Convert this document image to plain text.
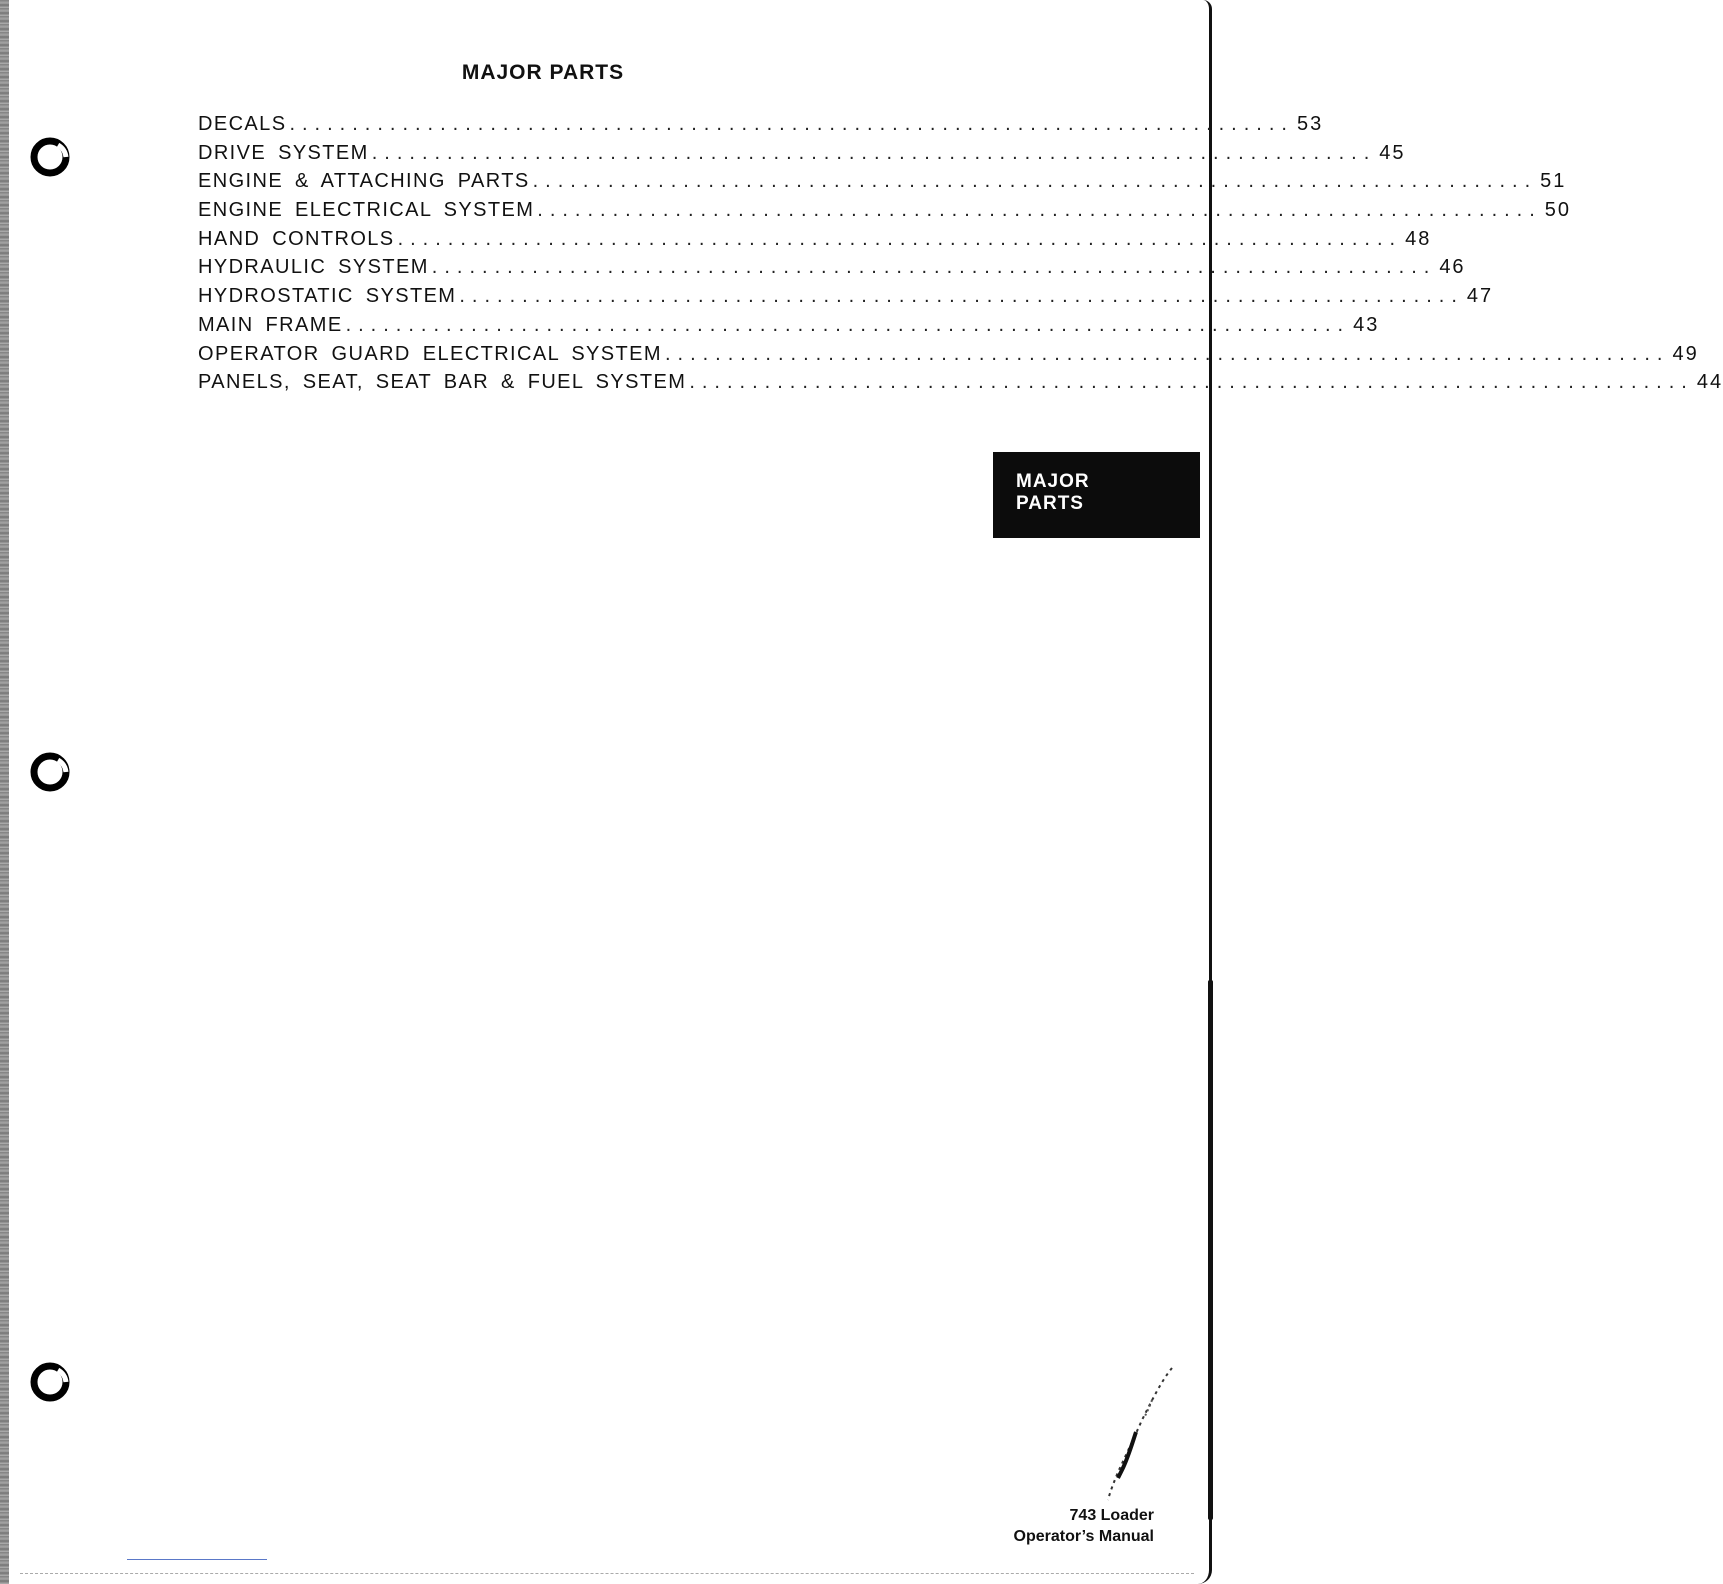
MAJOR PARTS
DECALS ................................................................................ 53
DRIVE SYSTEM ................................................................................ 45
ENGINE & ATTACHING PARTS ................................................................................ 51
ENGINE ELECTRICAL SYSTEM ................................................................................ 50
HAND CONTROLS ................................................................................ 48
HYDRAULIC SYSTEM ................................................................................ 46
HYDROSTATIC SYSTEM ................................................................................ 47
MAIN FRAME ................................................................................ 43
OPERATOR GUARD ELECTRICAL SYSTEM ................................................................................ 49
PANELS, SEAT, SEAT BAR & FUEL SYSTEM ................................................................................ 44
MAJOR
PARTS
743 Loader
Operator’s Manual
